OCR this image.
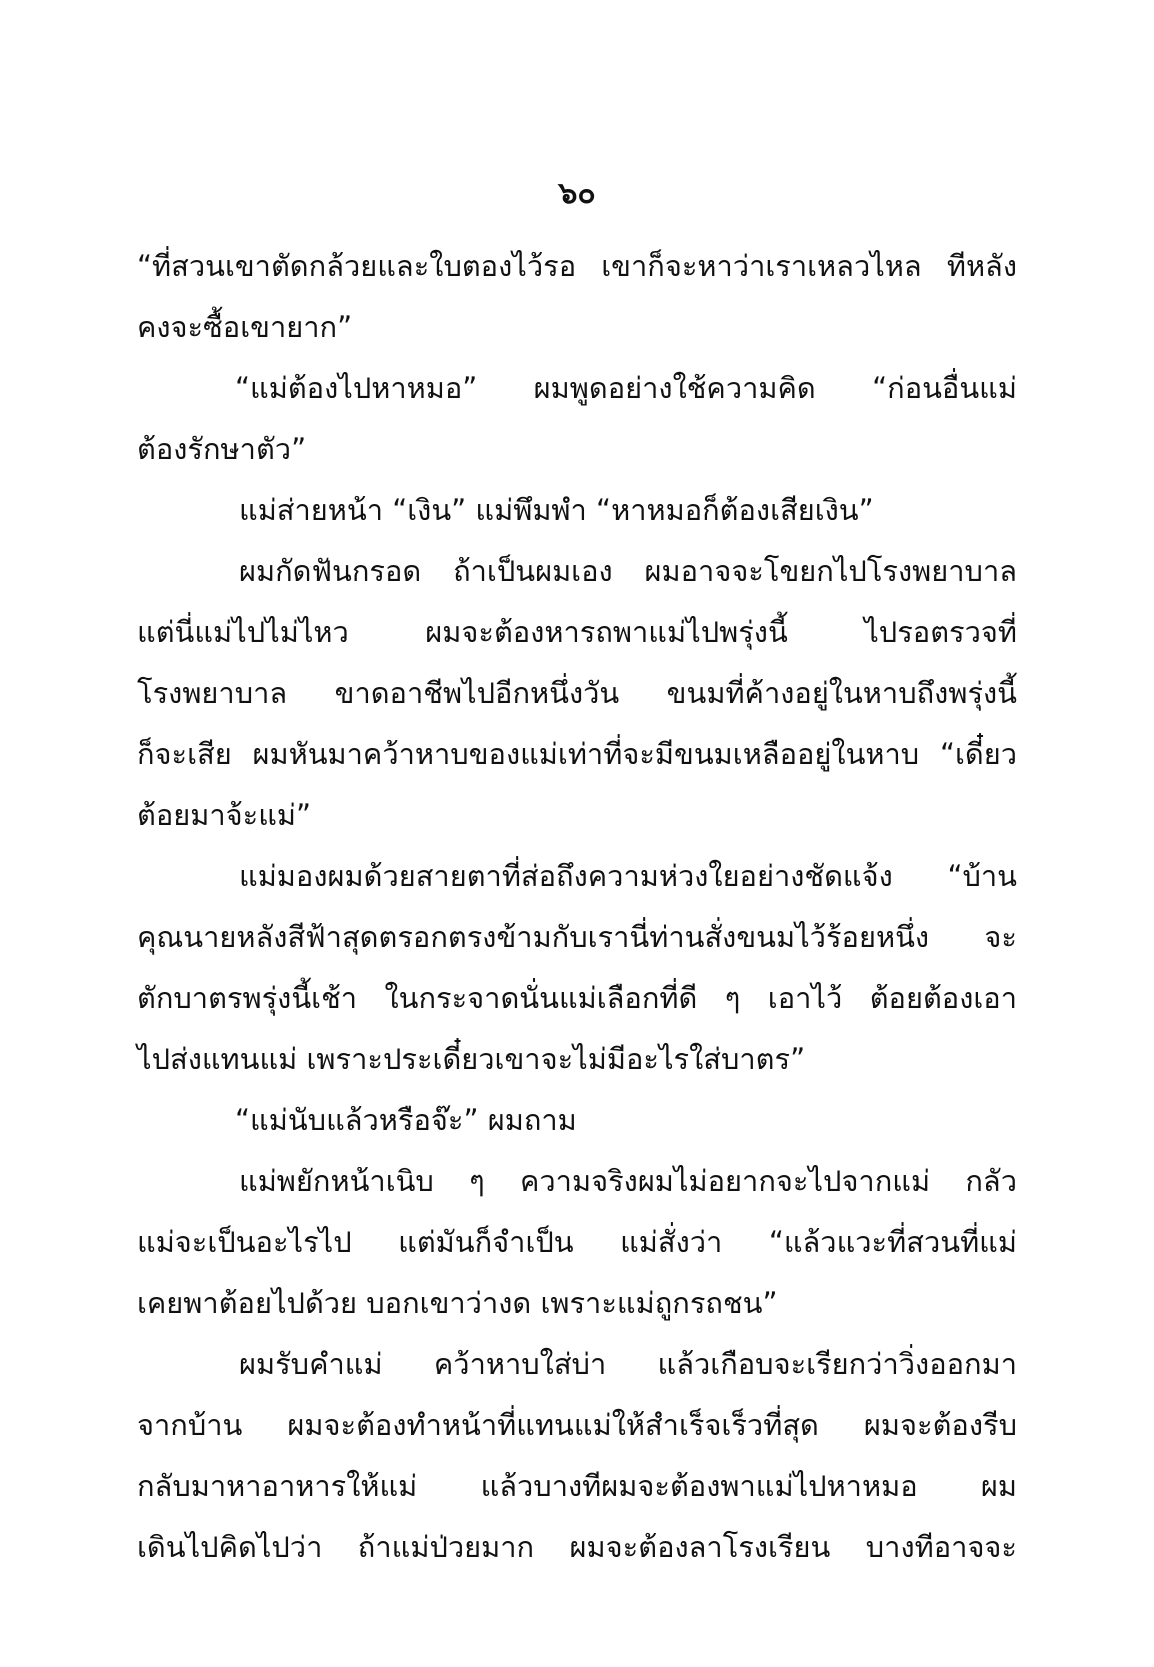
๖๐
“ที่สวนเขาตัดกล้วยและใบตองไว้รอ เขาก็จะหาว่าเราเหลวไหล ทีหลัง
คงจะซื้อเขายาก”
“แม่ต้องไปหาหมอ” ผมพูดอย่างใช้ความคิด “ก่อนอื่นแม่
ต้องรักษาตัว”
แม่ส่ายหน้า “เงิน” แม่พึมพำ “หาหมอก็ต้องเสียเงิน”
ผมกัดฟันกรอด ถ้าเป็นผมเอง ผมอาจจะโขยกไปโรงพยาบาล
แต่นี่แม่ไปไม่ไหว ผมจะต้องหารถพาแม่ไปพรุ่งนี้ ไปรอตรวจที่
โรงพยาบาล ขาดอาชีพไปอีกหนึ่งวัน ขนมที่ค้างอยู่ในหาบถึงพรุ่งนี้
ก็จะเสีย ผมหันมาคว้าหาบของแม่เท่าที่จะมีขนมเหลืออยู่ในหาบ “เดี๋ยว
ต้อยมาจ้ะแม่”
แม่มองผมด้วยสายตาที่ส่อถึงความห่วงใยอย่างชัดแจ้ง “บ้าน
คุณนายหลังสีฟ้าสุดตรอกตรงข้ามกับเรานี่ท่านสั่งขนมไว้ร้อยหนึ่ง จะ
ตักบาตรพรุ่งนี้เช้า ในกระจาดนั่นแม่เลือกที่ดี ๆ เอาไว้ ต้อยต้องเอา
ไปส่งแทนแม่ เพราะประเดี๋ยวเขาจะไม่มีอะไรใส่บาตร”
“แม่นับแล้วหรือจ๊ะ” ผมถาม
แม่พยักหน้าเนิบ ๆ ความจริงผมไม่อยากจะไปจากแม่ กลัว
แม่จะเป็นอะไรไป แต่มันก็จำเป็น แม่สั่งว่า “แล้วแวะที่สวนที่แม่
เคยพาต้อยไปด้วย บอกเขาว่างด เพราะแม่ถูกรถชน”
ผมรับคำแม่ คว้าหาบใส่บ่า แล้วเกือบจะเรียกว่าวิ่งออกมา
จากบ้าน ผมจะต้องทำหน้าที่แทนแม่ให้สำเร็จเร็วที่สุด ผมจะต้องรีบ
กลับมาหาอาหารให้แม่ แล้วบางทีผมจะต้องพาแม่ไปหาหมอ ผม
เดินไปคิดไปว่า ถ้าแม่ป่วยมาก ผมจะต้องลาโรงเรียน บางทีอาจจะ
